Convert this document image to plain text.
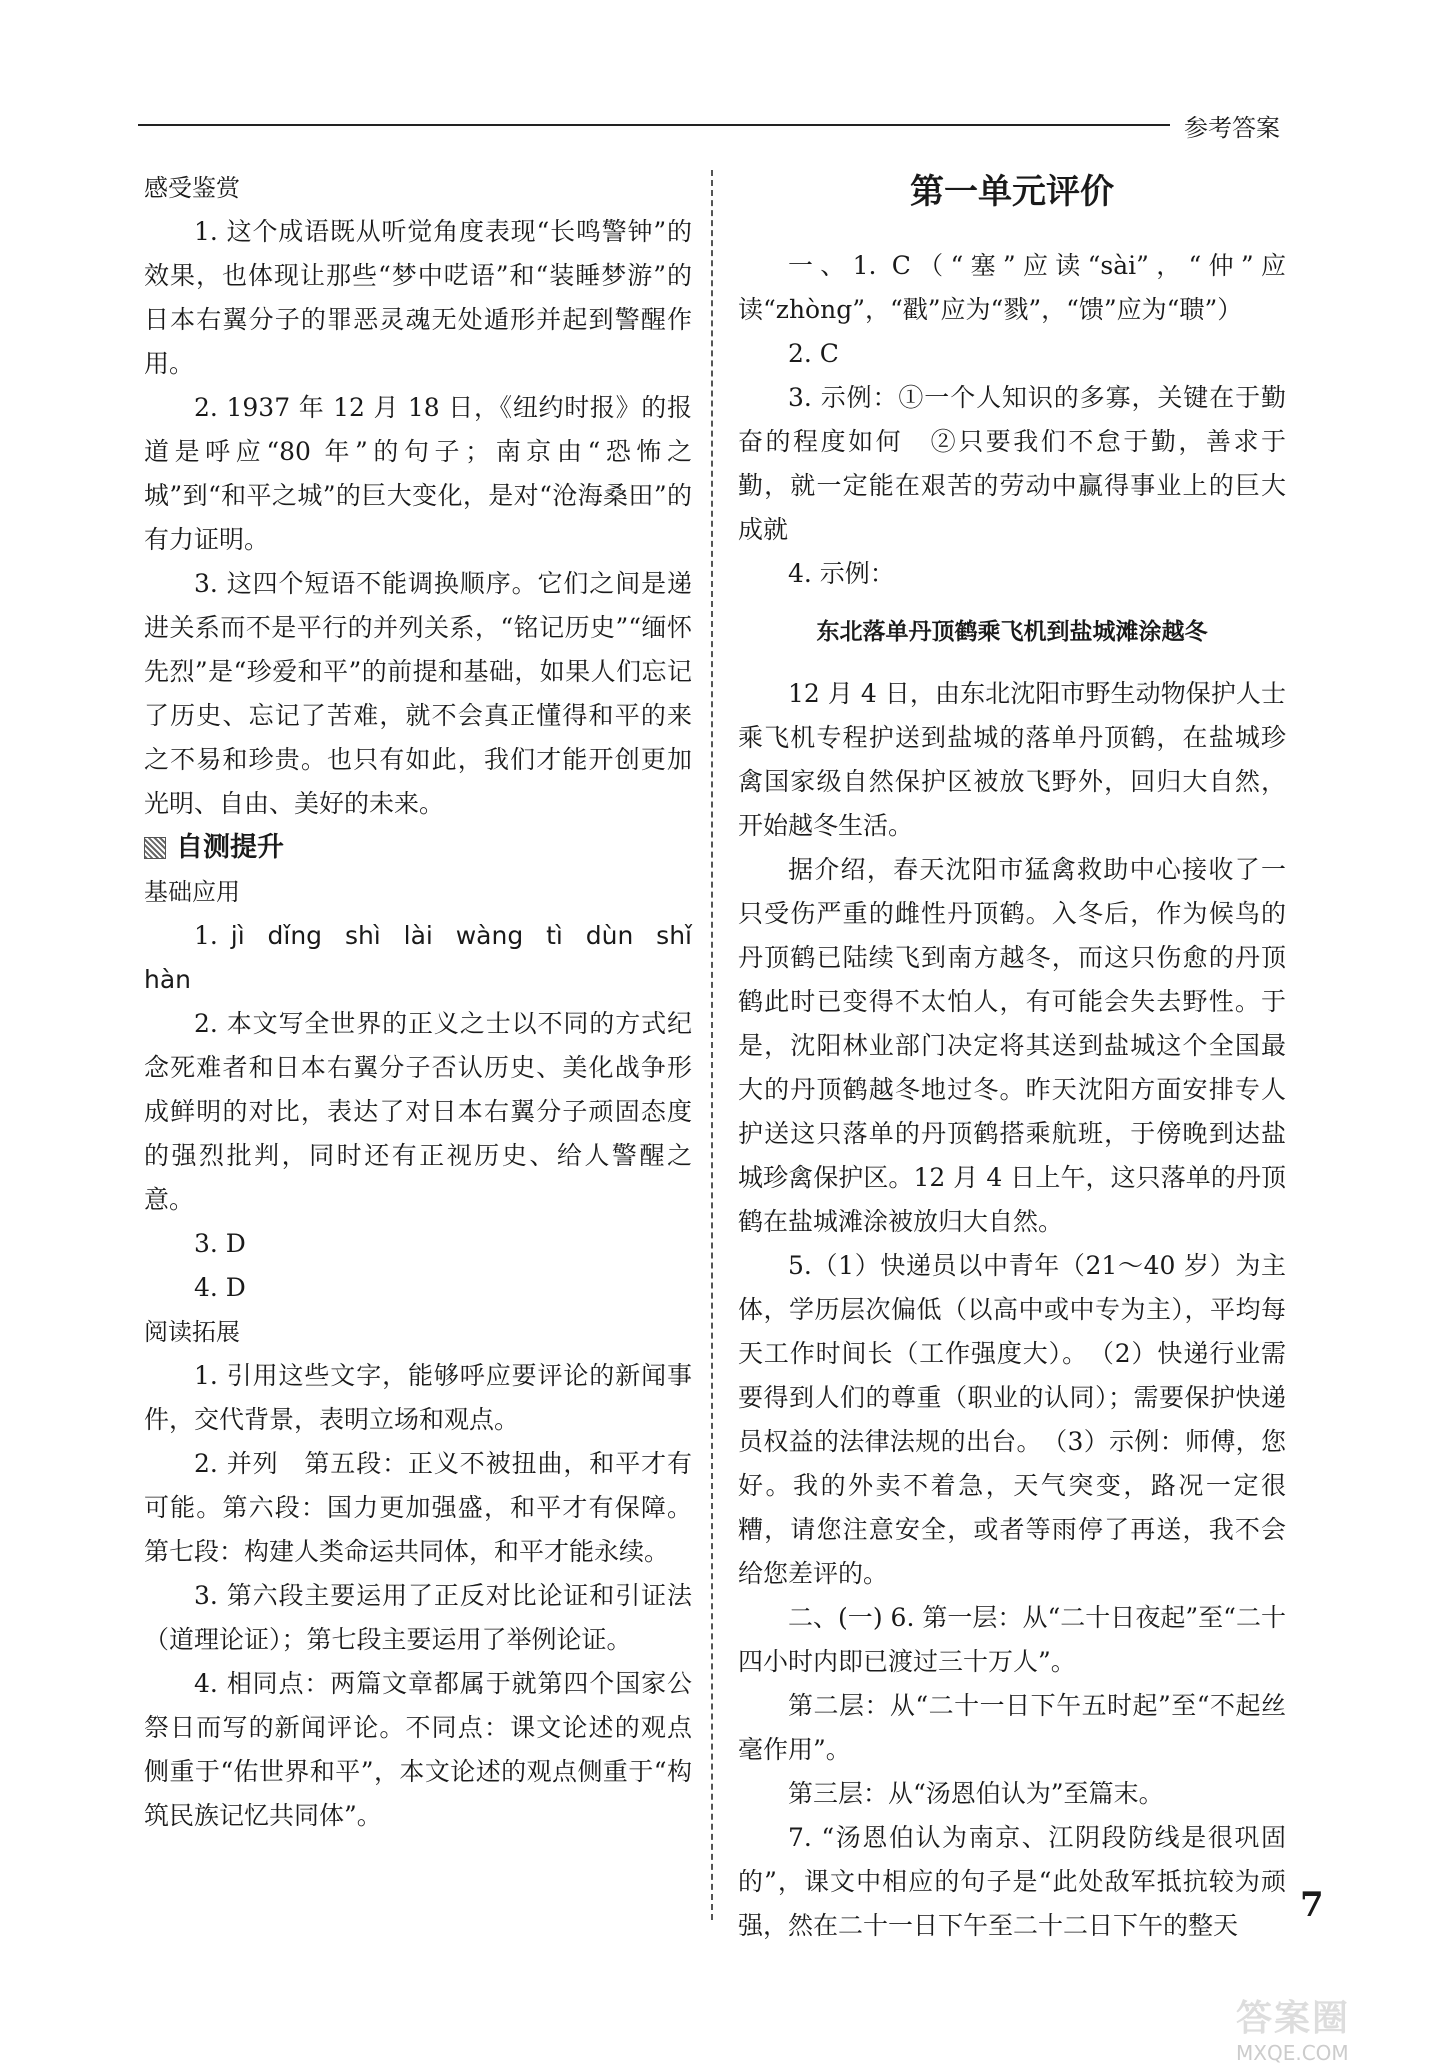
参考答案

感受鉴赏

1. 这个成语既从听觉角度表现“长鸣警钟”的效果，也体现让那些“梦中呓语”和“装睡梦游”的日本右翼分子的罪恶灵魂无处遁形并起到警醒作用。

2. 1937 年 12 月 18 日，《纽约时报》的报道是呼应“80 年”的句子；南京由“恐怖之城”到“和平之城”的巨大变化，是对“沧海桑田”的有力证明。

3. 这四个短语不能调换顺序。它们之间是递进关系而不是平行的并列关系，“铭记历史”“缅怀先烈”是“珍爱和平”的前提和基础，如果人们忘记了历史、忘记了苦难，就不会真正懂得和平的来之不易和珍贵。也只有如此，我们才能开创更加光明、自由、美好的未来。

自测提升

基础应用

1. jì dǐng shì lài wàng tì dùn shǐ hàn

2. 本文写全世界的正义之士以不同的方式纪念死难者和日本右翼分子否认历史、美化战争形成鲜明的对比，表达了对日本右翼分子顽固态度的强烈批判，同时还有正视历史、给人警醒之意。

3. D

4. D

阅读拓展

1. 引用这些文字，能够呼应要评论的新闻事件，交代背景，表明立场和观点。

2. 并列　第五段：正义不被扭曲，和平才有可能。第六段：国力更加强盛，和平才有保障。第七段：构建人类命运共同体，和平才能永续。

3. 第六段主要运用了正反对比论证和引证法（道理论证）；第七段主要运用了举例论证。

4. 相同点：两篇文章都属于就第四个国家公祭日而写的新闻评论。不同点：课文论述的观点侧重于“佑世界和平”，本文论述的观点侧重于“构筑民族记忆共同体”。

第一单元评价

一、1. C（“塞”应读“sài”，“仲”应读“zhòng”，“戳”应为“戮”，“馈”应为“聩”）

2. C

3. 示例：①一个人知识的多寡，关键在于勤奋的程度如何　②只要我们不怠于勤，善求于勤，就一定能在艰苦的劳动中赢得事业上的巨大成就

4. 示例：

东北落单丹顶鹤乘飞机到盐城滩涂越冬

12 月 4 日，由东北沈阳市野生动物保护人士乘飞机专程护送到盐城的落单丹顶鹤，在盐城珍禽国家级自然保护区被放飞野外，回归大自然，开始越冬生活。

据介绍，春天沈阳市猛禽救助中心接收了一只受伤严重的雌性丹顶鹤。入冬后，作为候鸟的丹顶鹤已陆续飞到南方越冬，而这只伤愈的丹顶鹤此时已变得不太怕人，有可能会失去野性。于是，沈阳林业部门决定将其送到盐城这个全国最大的丹顶鹤越冬地过冬。昨天沈阳方面安排专人护送这只落单的丹顶鹤搭乘航班，于傍晚到达盐城珍禽保护区。12 月 4 日上午，这只落单的丹顶鹤在盐城滩涂被放归大自然。

5.（1）快递员以中青年（21～40 岁）为主体，学历层次偏低（以高中或中专为主），平均每天工作时间长（工作强度大）。　（2）快递行业需要得到人们的尊重（职业的认同）；需要保护快递员权益的法律法规的出台。　（3）示例：师傅，您好。我的外卖不着急，天气突变，路况一定很糟，请您注意安全，或者等雨停了再送，我不会给您差评的。

二、(一) 6. 第一层：从“二十日夜起”至“二十四小时内即已渡过三十万人”。

第二层：从“二十一日下午五时起”至“不起丝毫作用”。

第三层：从“汤恩伯认为”至篇末。

7. “汤恩伯认为南京、江阴段防线是很巩固的”，课文中相应的句子是“此处敌军抵抗较为顽强，然在二十一日下午至二十二日下午的整天

7
答案圈
MXQE.COM
